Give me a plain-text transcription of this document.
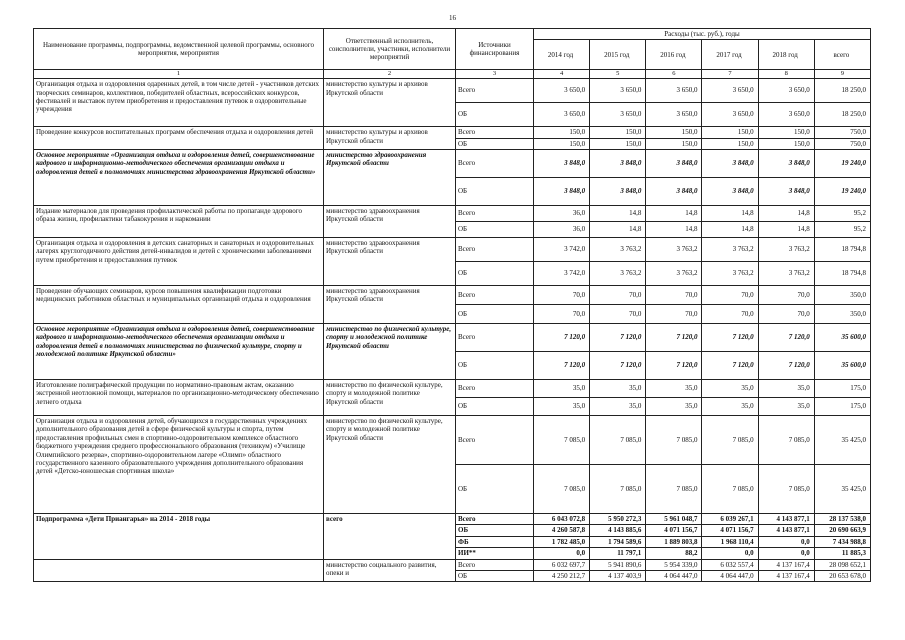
16
Наименование программы, подпрограммы, ведомственной целевой программы, основного мероприятия, мероприятия	Ответственный исполнитель, соисполнители, участники, исполнители мероприятий	Источники финансирования	Расходы (тыс. руб.), годы					
			2014 год	2015 год	2016 год	2017 год	2018 год	всего
1	2	3	4	5	6	7	8	9
Организация отдыха и оздоровления одаренных детей, в том числе детей - участников детских творческих семинаров, коллективов, победителей областных, всероссийских конкурсов, фестивалей и выставок путем приобретения и предоставления путевок в оздоровительные учреждения	министерство культуры и архивов Иркутской области	Всего	3 650,0	3 650,0	3 650,0	3 650,0	3 650,0	18 250,0
		ОБ	3 650,0	3 650,0	3 650,0	3 650,0	3 650,0	18 250,0
Проведение конкурсов воспитательных программ обеспечения отдыха и оздоровления детей	министерство культуры и архивов Иркутской области	Всего	150,0	150,0	150,0	150,0	150,0	750,0
		ОБ	150,0	150,0	150,0	150,0	150,0	750,0
Основное мероприятие «Организация отдыха и оздоровления детей, совершенствование кадрового и информационно-методического обеспечения организации отдыха и оздоровления детей в полномочиях министерства здравоохранения Иркутской области»	министерство здравоохранения Иркутской области	Всего	3 848,0	3 848,0	3 848,0	3 848,0	3 848,0	19 240,0
		ОБ	3 848,0	3 848,0	3 848,0	3 848,0	3 848,0	19 240,0
Издание материалов для проведения профилактической работы по пропаганде здорового образа жизни, профилактики табакокурения и наркомании	министерство здравоохранения Иркутской области	Всего	36,0	14,8	14,8	14,8	14,8	95,2
		ОБ	36,0	14,8	14,8	14,8	14,8	95,2
Организация отдыха и оздоровления в детских санаторных и санаторных и оздоровительных лагерях круглогодичного действия детей-инвалидов и детей с хроническими заболеваниями путем приобретения и предоставления путевок	министерство здравоохранения Иркутской области	Всего	3 742,0	3 763,2	3 763,2	3 763,2	3 763,2	18 794,8
		ОБ	3 742,0	3 763,2	3 763,2	3 763,2	3 763,2	18 794,8
Проведение обучающих семинаров, курсов повышения квалификации подготовки медицинских работников областных и муниципальных организаций отдыха и оздоровления	министерство здравоохранения Иркутской области	Всего	70,0	70,0	70,0	70,0	70,0	350,0
		ОБ	70,0	70,0	70,0	70,0	70,0	350,0
Основное мероприятие «Организация отдыха и оздоровления детей, совершенствование кадрового и информационно-методического обеспечения организации отдыха и оздоровления детей в полномочиях министерства по физической культуре, спорту и молодежной политике Иркутской области»	министерство по физической культуре, спорту и молодежной политике Иркутской области	Всего	7 120,0	7 120,0	7 120,0	7 120,0	7 120,0	35 600,0
		ОБ	7 120,0	7 120,0	7 120,0	7 120,0	7 120,0	35 600,0
Изготовление полиграфической продукции по нормативно-правовым актам, оказанию экстренной неотложной помощи, материалов по организационно-методическому обеспечению летнего отдыха	министерство по физической культуре, спорту и молодежной политике Иркутской области	Всего	35,0	35,0	35,0	35,0	35,0	175,0
		ОБ	35,0	35,0	35,0	35,0	35,0	175,0
Организация отдыха и оздоровления детей, обучающихся в государственных учреждениях дополнительного образования детей в сфере физической культуры и спорта, путем предоставления профильных смен в спортивно-оздоровительном комплексе областного бюджетного учреждения среднего профессионального образования (техникум) «Училище Олимпийского резерва», спортивно-оздоровительном лагере «Олимп» областного государственного казенного образовательного учреждения дополнительного образования детей «Детско-юношеская спортивная школа»	министерство по физической культуре, спорту и молодежной политике Иркутской области	Всего	7 085,0	7 085,0	7 085,0	7 085,0	7 085,0	35 425,0
		ОБ	7 085,0	7 085,0	7 085,0	7 085,0	7 085,0	35 425,0
Подпрограмма «Дети Приангарья» на 2014 - 2018 годы	всего	Всего	6 043 072,8	5 950 272,3	5 961 048,7	6 039 267,1	4 143 877,1	28 137 538,0
		ОБ	4 260 587,8	4 143 885,6	4 071 156,7	4 071 156,7	4 143 877,1	20 690 663,9
		ФБ	1 782 485,0	1 794 589,6	1 889 803,8	1 968 110,4	0,0	7 434 988,8
		ИИ**	0,0	11 797,1	88,2	0,0	0,0	11 885,3
	министерство социального развития, опеки и	Всего	6 032 697,7	5 941 890,6	5 954 339,0	6 032 557,4	4 137 167,4	28 098 652,1
		ОБ	4 250 212,7	4 137 403,9	4 064 447,0	4 064 447,0	4 137 167,4	20 653 678,0
